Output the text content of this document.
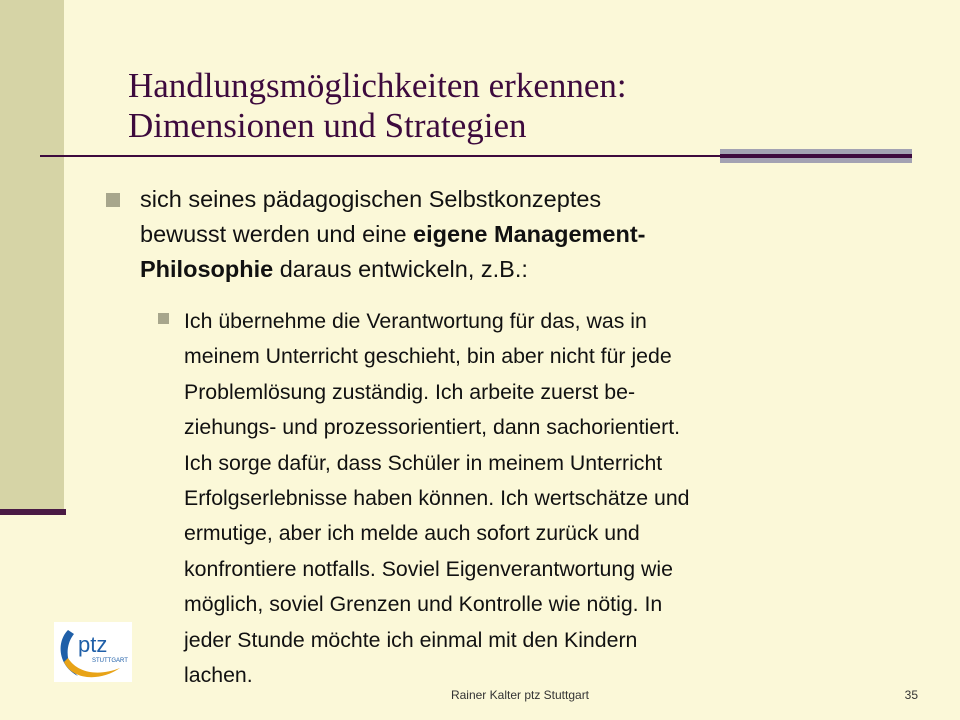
Handlungsmöglichkeiten erkennen:
Dimensionen und Strategien
sich seines pädagogischen Selbstkonzeptes
bewusst werden und eine eigene Management-
Philosophie daraus entwickeln, z.B.:
Ich übernehme die Verantwortung für das, was in
meinem Unterricht geschieht, bin aber nicht für jede
Problemlösung zuständig. Ich arbeite zuerst be-
ziehungs- und prozessorientiert, dann sachorientiert.
Ich sorge dafür, dass Schüler in meinem Unterricht
Erfolgserlebnisse haben können. Ich wertschätze und
ermutige, aber ich melde auch sofort zurück und
konfrontiere notfalls. Soviel Eigenverantwortung wie
möglich, soviel Grenzen und Kontrolle wie nötig. In
jeder Stunde möchte ich einmal mit den Kindern
lachen.
ptz
STUTTGART
Rainer Kalter ptz Stuttgart	35
